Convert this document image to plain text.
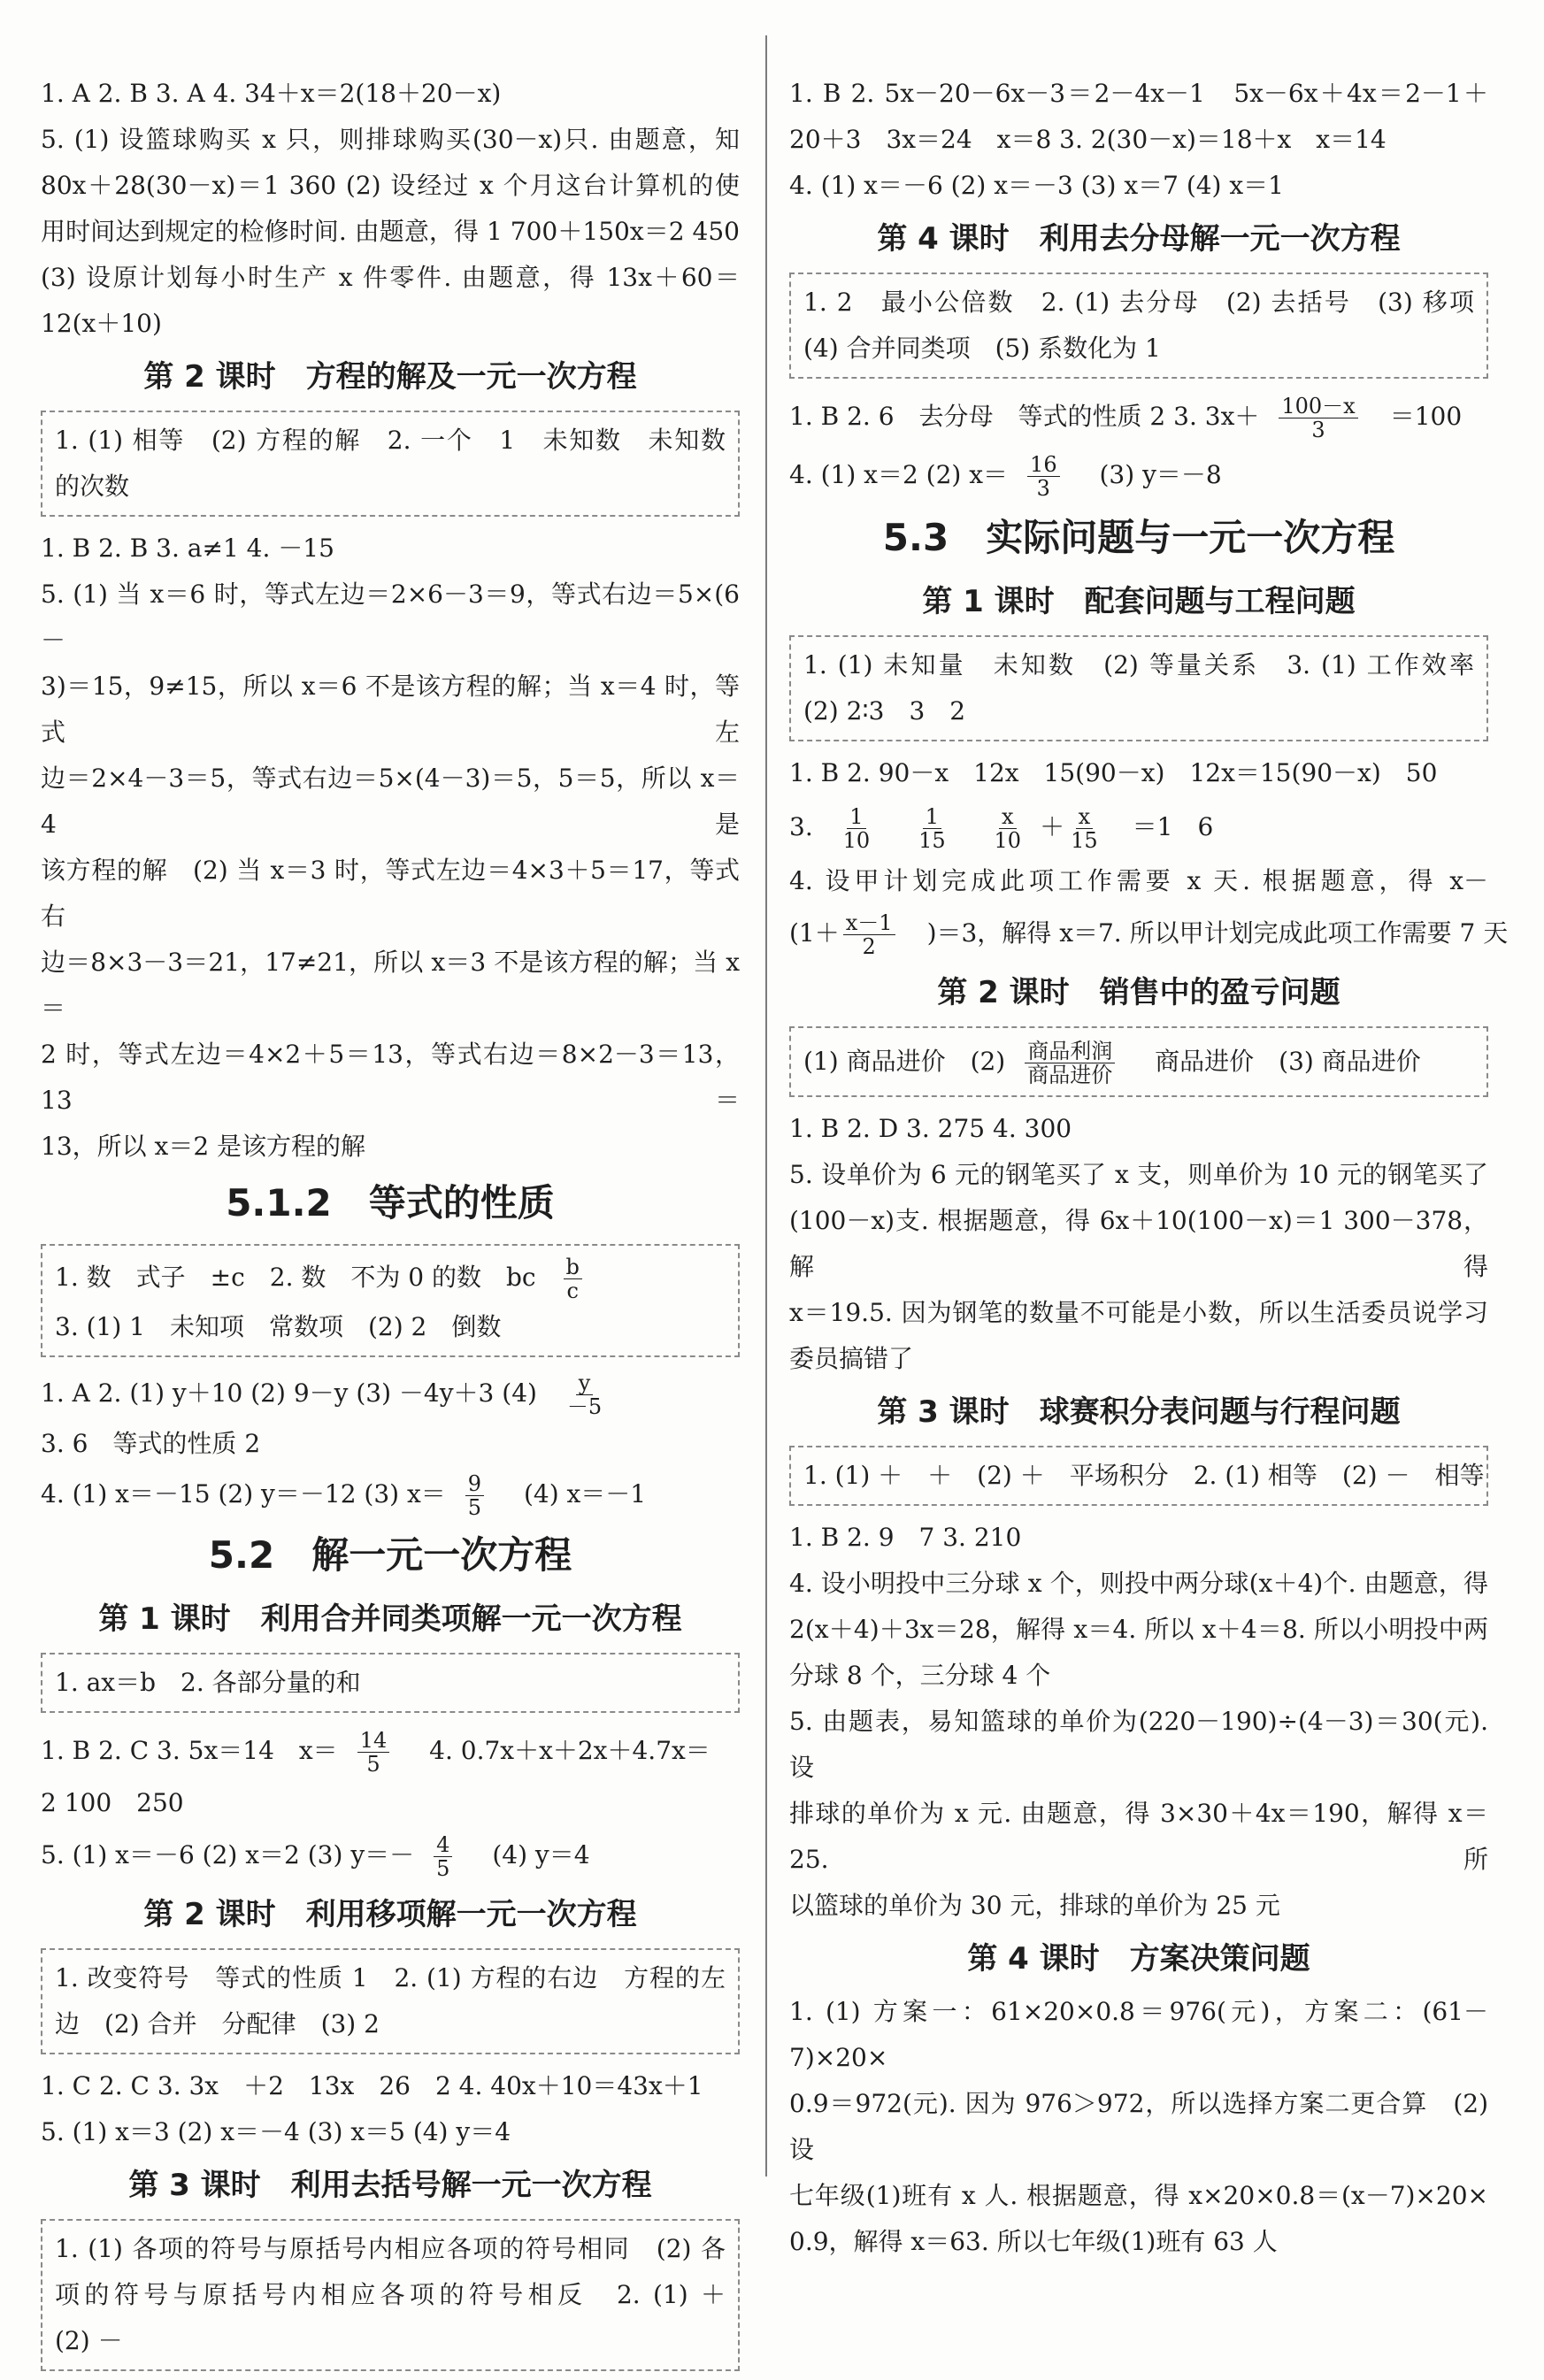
1. A 2. B 3. A 4. 34＋x＝2(18＋20－x)
5. (1) 设篮球购买 x 只，则排球购买(30－x)只. 由题意，知
80x＋28(30－x)＝1 360 (2) 设经过 x 个月这台计算机的使
用时间达到规定的检修时间. 由题意，得 1 700＋150x＝2 450
(3) 设原计划每小时生产 x 件零件. 由题意，得 13x＋60＝
12(x＋10)
第 2 课时　方程的解及一元一次方程
1. (1) 相等　(2) 方程的解　2. 一个　1　未知数　未知数
的次数
1. B 2. B 3. a≠1 4. －15
5. (1) 当 x＝6 时，等式左边＝2×6－3＝9，等式右边＝5×(6－
3)＝15，9≠15，所以 x＝6 不是该方程的解；当 x＝4 时，等式左
边＝2×4－3＝5，等式右边＝5×(4－3)＝5，5＝5，所以 x＝4 是
该方程的解　(2) 当 x＝3 时，等式左边＝4×3＋5＝17，等式右
边＝8×3－3＝21，17≠21，所以 x＝3 不是该方程的解；当 x＝
2 时，等式左边＝4×2＋5＝13，等式右边＝8×2－3＝13，13＝
13，所以 x＝2 是该方程的解
5.1.2　等式的性质
1. 数　式子　±c　2. 数　不为 0 的数　bc $\frac{b}{c}$
3. (1) 1　未知项　常数项　(2) 2　倒数
1. A 2. (1) y＋10 (2) 9－y (3) －4y＋3 $(4) \frac{y}{-5}$
3. 6　等式的性质 2
4. (1) x＝－15 (2) y＝－12 (3) $x= \frac{9}{5} (4)$ x＝－1
5.2　解一元一次方程
第 1 课时　利用合并同类项解一元一次方程
1. ax＝b　2. 各部分量的和
1. B 2. C 3. 5x＝14　$x= \frac{14}{5} 4$. 0.7x＋x＋2x＋4.7x＝
2 100　250
5. (1) x＝－6 (2) x＝2 (3) $y=- \frac{4}{5} (4)$ y＝4
第 2 课时　利用移项解一元一次方程
1. 改变符号　等式的性质 1　2. (1) 方程的右边　方程的左
边　(2) 合并　分配律　(3) 2
1. C 2. C 3. 3x　＋2　13x　26　2 4. 40x＋10＝43x＋1
5. (1) x＝3 (2) x＝－4 (3) x＝5 (4) y＝4
第 3 课时　利用去括号解一元一次方程
1. (1) 各项的符号与原括号内相应各项的符号相同　(2) 各
项的符号与原括号内相应各项的符号相反　2. (1) ＋
(2) －
1. B 2. 5x－20－6x－3＝2－4x－1　5x－6x＋4x＝2－1＋
20＋3　3x＝24　x＝8 3. 2(30－x)＝18＋x　x＝14
4. (1) x＝－6 (2) x＝－3 (3) x＝7 (4) x＝1
第 4 课时　利用去分母解一元一次方程
1. 2　最小公倍数　2. (1) 去分母　(2) 去括号　(3) 移项
(4) 合并同类项　(5) 系数化为 1
1. B 2. 6　去分母　等式的性质 2 3. $3x+ \frac{100-x}{3} =100$
4. (1) x＝2 (2) $x= \frac{16}{3} (3)$ y＝－8
5.3　实际问题与一元一次方程
第 1 课时　配套问题与工程问题
1. (1) 未知量　未知数　(2) 等量关系　3. (1) 工作效率
(2) 2∶3　3　2
1. B 2. 90－x　12x　15(90－x)　12x＝15(90－x)　50
3. $\frac{1}{10}$
$\frac{1}{15}$
$\frac{x}{10} + \frac{x}{15} =1$　6
4. 设甲计划完成此项工作需要 x 天. 根据题意，得 x－
$(1+ \frac{x-1}{2} )=3$，解得 x＝7. 所以甲计划完成此项工作需要 7 天
第 2 课时　销售中的盈亏问题
(1) 商品进价　$(2) \frac{\text{商品利润}}{\text{商品进价}}$ 商品进价　(3) 商品进价
1. B 2. D 3. 275 4. 300
5. 设单价为 6 元的钢笔买了 x 支，则单价为 10 元的钢笔买了
(100－x)支. 根据题意，得 6x＋10(100－x)＝1 300－378，解得
x＝19.5. 因为钢笔的数量不可能是小数，所以生活委员说学习
委员搞错了
第 3 课时　球赛积分表问题与行程问题
1. (1) ＋　＋　(2) ＋　平场积分　2. (1) 相等　(2) －　相等
1. B 2. 9　7 3. 210
4. 设小明投中三分球 x 个，则投中两分球(x＋4)个. 由题意，得
2(x＋4)＋3x＝28，解得 x＝4. 所以 x＋4＝8. 所以小明投中两
分球 8 个，三分球 4 个
5. 由题表，易知篮球的单价为(220－190)÷(4－3)＝30(元). 设
排球的单价为 x 元. 由题意，得 3×30＋4x＝190，解得 x＝25. 所
以篮球的单价为 30 元，排球的单价为 25 元
第 4 课时　方案决策问题
1. (1) 方案一：61×20×0.8＝976(元)，方案二：(61－7)×20×
0.9＝972(元). 因为 976＞972，所以选择方案二更合算　(2) 设
七年级(1)班有 x 人. 根据题意，得 x×20×0.8＝(x－7)×20×
0.9，解得 x＝63. 所以七年级(1)班有 63 人
